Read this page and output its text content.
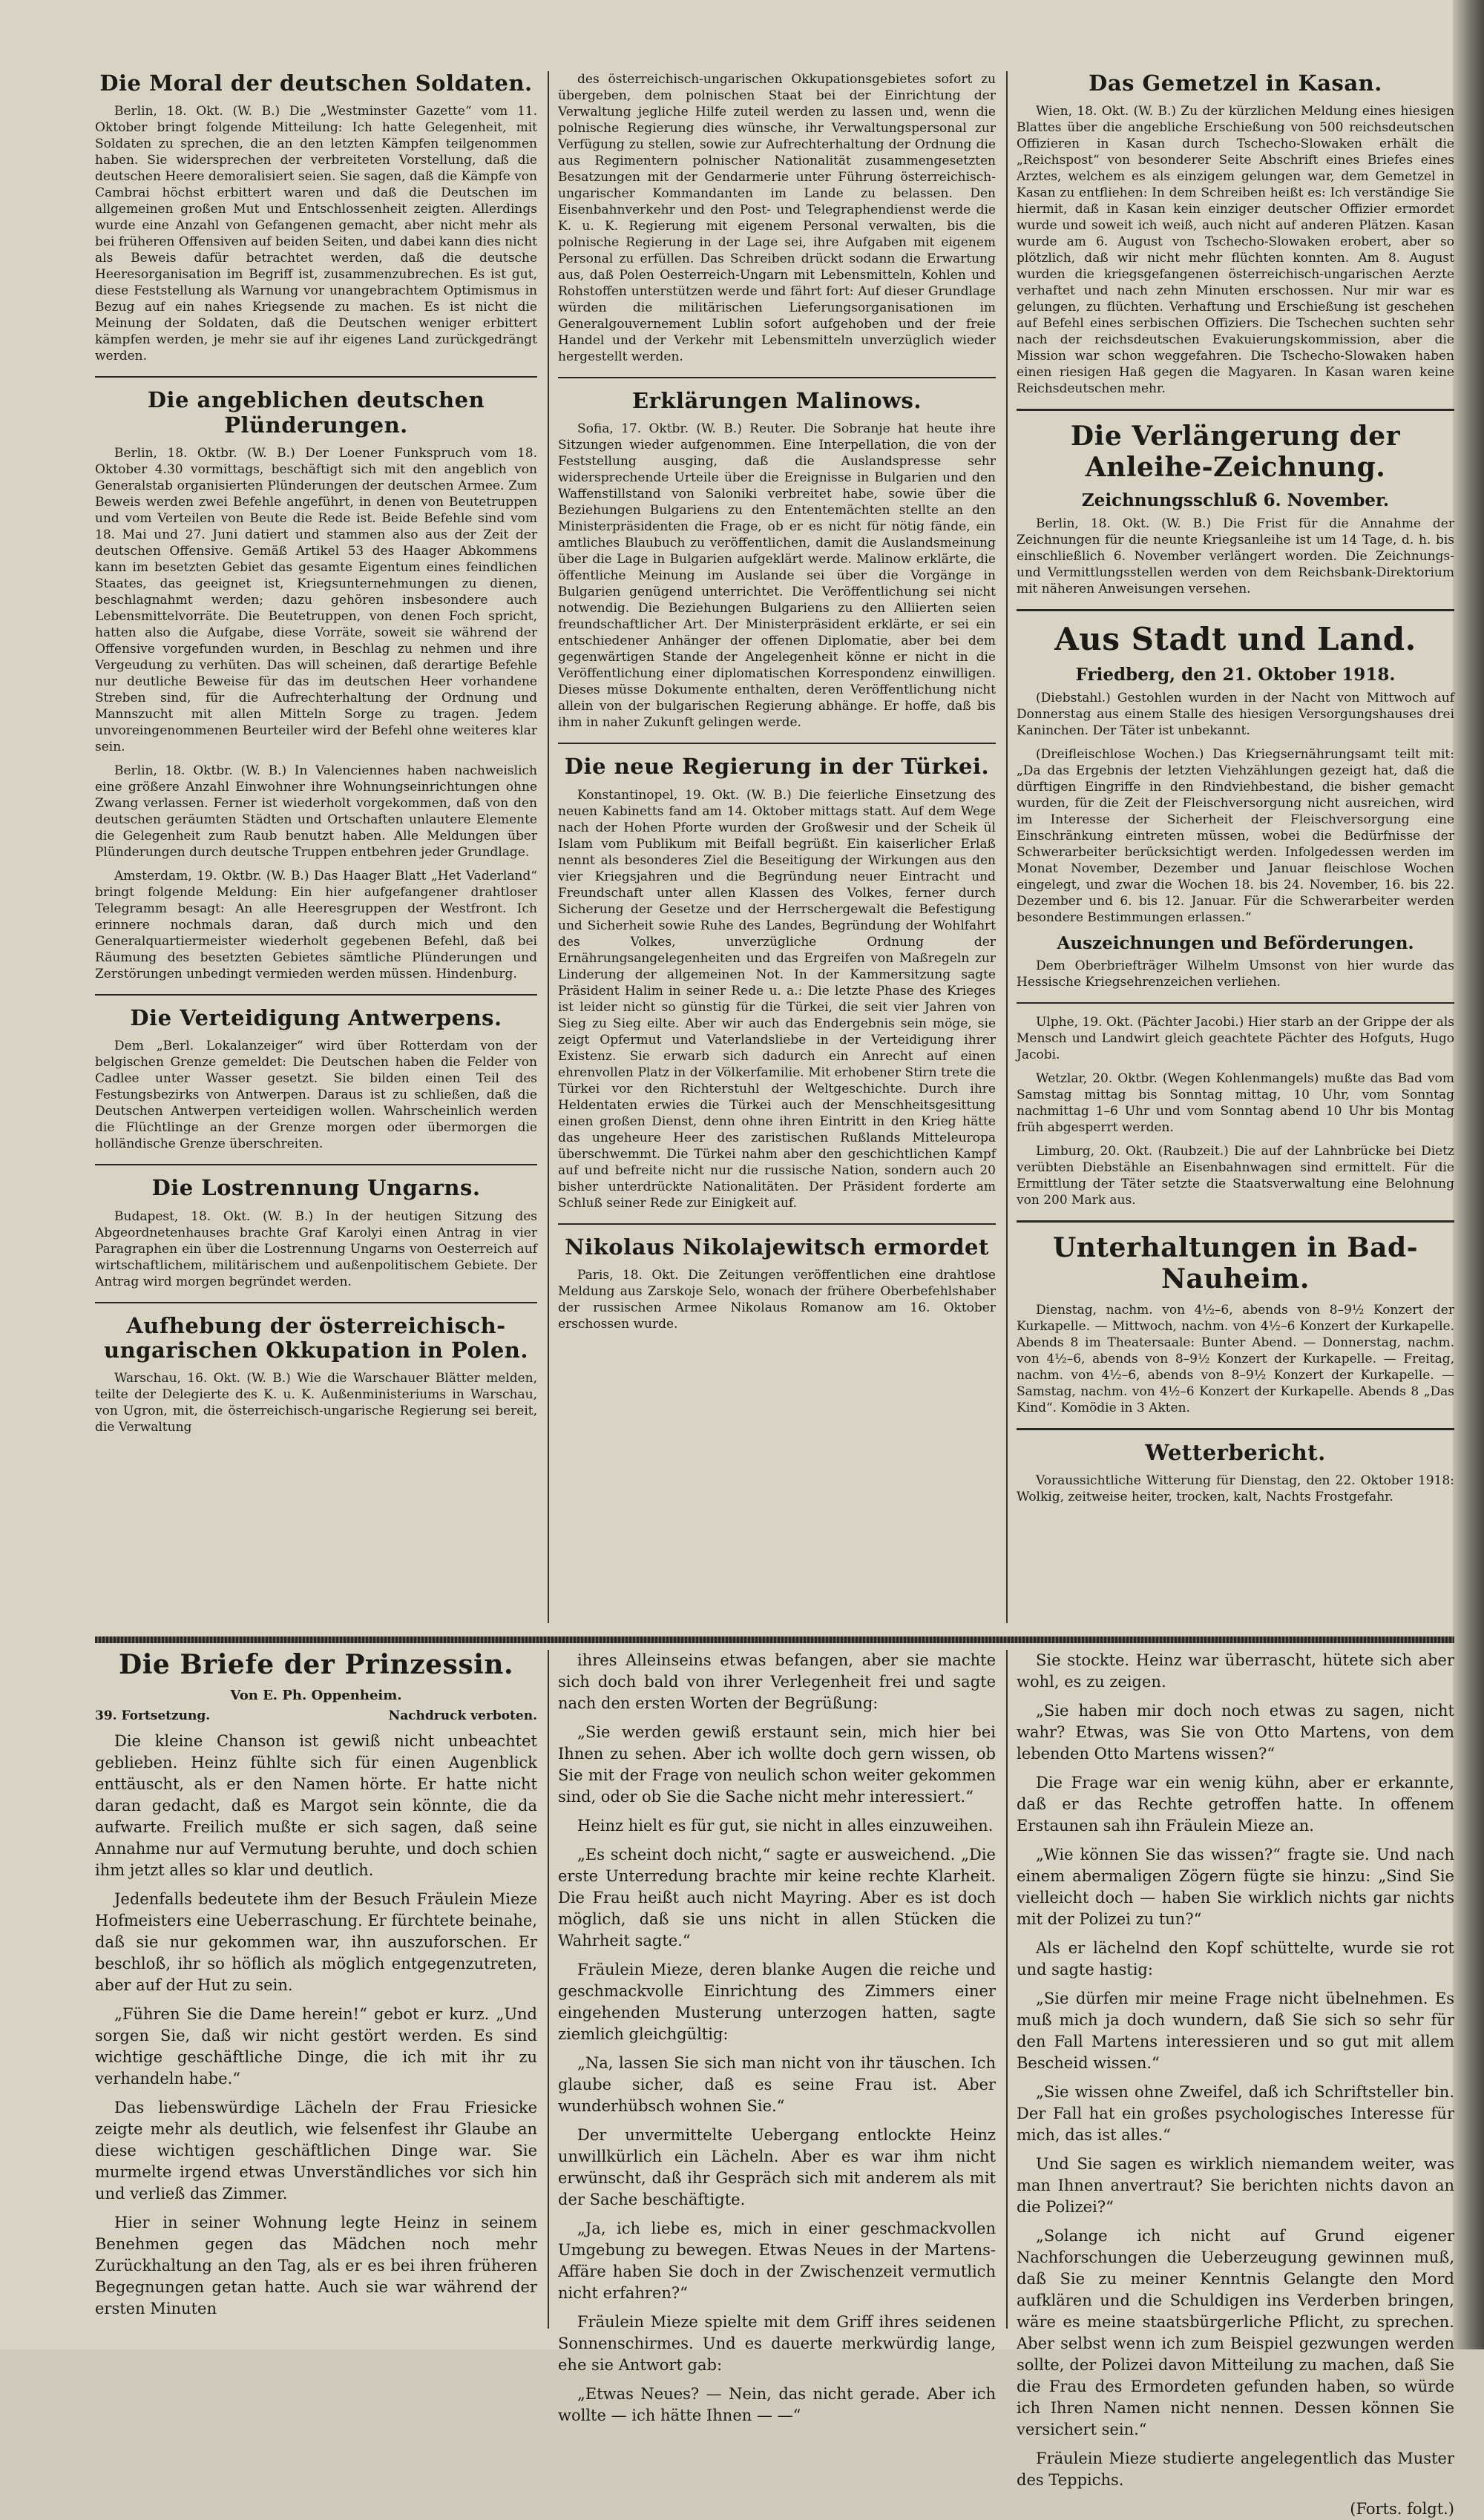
Die Moral der deutschen Soldaten.

Berlin, 18. Okt. (W. B.) Die „Westminster Gazette“ vom 11. Oktober bringt folgende Mitteilung: Ich hatte Gelegenheit, mit Soldaten zu sprechen, die an den letzten Kämpfen teilgenommen haben. Sie widersprechen der verbreiteten Vorstellung, daß die deutschen Heere demoralisiert seien. Sie sagen, daß die Kämpfe von Cambrai höchst erbittert waren und daß die Deutschen im allgemeinen großen Mut und Entschlossenheit zeigten. Allerdings wurde eine Anzahl von Gefangenen gemacht, aber nicht mehr als bei früheren Offensiven auf beiden Seiten, und dabei kann dies nicht als Beweis dafür betrachtet werden, daß die deutsche Heeresorganisation im Begriff ist, zusammenzubrechen. Es ist gut, diese Feststellung als Warnung vor unangebrachtem Optimismus in Bezug auf ein nahes Kriegsende zu machen. Es ist nicht die Meinung der Soldaten, daß die Deutschen weniger erbittert kämpfen werden, je mehr sie auf ihr eigenes Land zurückgedrängt werden.

Die angeblichen deutschen Plünderungen.

Berlin, 18. Oktbr. (W. B.) Der Loener Funkspruch vom 18. Oktober 4.30 vormittags, beschäftigt sich mit den angeblich von Generalstab organisierten Plünderungen der deutschen Armee. Zum Beweis werden zwei Befehle angeführt, in denen von Beutetruppen und vom Verteilen von Beute die Rede ist. Beide Befehle sind vom 18. Mai und 27. Juni datiert und stammen also aus der Zeit der deutschen Offensive. Gemäß Artikel 53 des Haager Abkommens kann im besetzten Gebiet das gesamte Eigentum eines feindlichen Staates, das geeignet ist, Kriegsunternehmungen zu dienen, beschlagnahmt werden; dazu gehören insbesondere auch Lebensmittelvorräte. Die Beutetruppen, von denen Foch spricht, hatten also die Aufgabe, diese Vorräte, soweit sie während der Offensive vorgefunden wurden, in Beschlag zu nehmen und ihre Vergeudung zu verhüten. Das will scheinen, daß derartige Befehle nur deutliche Beweise für das im deutschen Heer vorhandene Streben sind, für die Aufrechterhaltung der Ordnung und Mannszucht mit allen Mitteln Sorge zu tragen. Jedem unvoreingenommenen Beurteiler wird der Befehl ohne weiteres klar sein.

Berlin, 18. Oktbr. (W. B.) In Valenciennes haben nachweislich eine größere Anzahl Einwohner ihre Wohnungseinrichtungen ohne Zwang verlassen. Ferner ist wiederholt vorgekommen, daß von den deutschen geräumten Städten und Ortschaften unlautere Elemente die Gelegenheit zum Raub benutzt haben. Alle Meldungen über Plünderungen durch deutsche Truppen entbehren jeder Grundlage.

Amsterdam, 19. Oktbr. (W. B.) Das Haager Blatt „Het Vaderland“ bringt folgende Meldung: Ein hier aufgefangener drahtloser Telegramm besagt: An alle Heeresgruppen der Westfront. Ich erinnere nochmals daran, daß durch mich und den Generalquartiermeister wiederholt gegebenen Befehl, daß bei Räumung des besetzten Gebietes sämtliche Plünderungen und Zerstörungen unbedingt vermieden werden müssen. Hindenburg.

Die Verteidigung Antwerpens.

Dem „Berl. Lokalanzeiger“ wird über Rotterdam von der belgischen Grenze gemeldet: Die Deutschen haben die Felder von Cadlee unter Wasser gesetzt. Sie bilden einen Teil des Festungsbezirks von Antwerpen. Daraus ist zu schließen, daß die Deutschen Antwerpen verteidigen wollen. Wahrscheinlich werden die Flüchtlinge an der Grenze morgen oder übermorgen die holländische Grenze überschreiten.

Die Lostrennung Ungarns.

Budapest, 18. Okt. (W. B.) In der heutigen Sitzung des Abgeordnetenhauses brachte Graf Karolyi einen Antrag in vier Paragraphen ein über die Lostrennung Ungarns von Oesterreich auf wirtschaftlichem, militärischem und außenpolitischem Gebiete. Der Antrag wird morgen begründet werden.

Aufhebung der österreichisch-ungarischen Okkupation in Polen.

Warschau, 16. Okt. (W. B.) Wie die Warschauer Blätter melden, teilte der Delegierte des K. u. K. Außenministeriums in Warschau, von Ugron, mit, die österreichisch-ungarische Regierung sei bereit, die Verwaltung

des österreichisch-ungarischen Okkupationsgebietes sofort zu übergeben, dem polnischen Staat bei der Einrichtung der Verwaltung jegliche Hilfe zuteil werden zu lassen und, wenn die polnische Regierung dies wünsche, ihr Verwaltungspersonal zur Verfügung zu stellen, sowie zur Aufrechterhaltung der Ordnung die aus Regimentern polnischer Nationalität zusammengesetzten Besatzungen mit der Gendarmerie unter Führung österreichisch-ungarischer Kommandanten im Lande zu belassen. Den Eisenbahnverkehr und den Post- und Telegraphendienst werde die K. u. K. Regierung mit eigenem Personal verwalten, bis die polnische Regierung in der Lage sei, ihre Aufgaben mit eigenem Personal zu erfüllen. Das Schreiben drückt sodann die Erwartung aus, daß Polen Oesterreich-Ungarn mit Lebensmitteln, Kohlen und Rohstoffen unterstützen werde und fährt fort: Auf dieser Grundlage würden die militärischen Lieferungsorganisationen im Generalgouvernement Lublin sofort aufgehoben und der freie Handel und der Verkehr mit Lebensmitteln unverzüglich wieder hergestellt werden.

Erklärungen Malinows.

Sofia, 17. Oktbr. (W. B.) Reuter. Die Sobranje hat heute ihre Sitzungen wieder aufgenommen. Eine Interpellation, die von der Feststellung ausging, daß die Auslandspresse sehr widersprechende Urteile über die Ereignisse in Bulgarien und den Waffenstillstand von Saloniki verbreitet habe, sowie über die Beziehungen Bulgariens zu den Ententemächten stellte an den Ministerpräsidenten die Frage, ob er es nicht für nötig fände, ein amtliches Blaubuch zu veröffentlichen, damit die Auslandsmeinung über die Lage in Bulgarien aufgeklärt werde. Malinow erklärte, die öffentliche Meinung im Auslande sei über die Vorgänge in Bulgarien genügend unterrichtet. Die Veröffentlichung sei nicht notwendig. Die Beziehungen Bulgariens zu den Alliierten seien freundschaftlicher Art. Der Ministerpräsident erklärte, er sei ein entschiedener Anhänger der offenen Diplomatie, aber bei dem gegenwärtigen Stande der Angelegenheit könne er nicht in die Veröffentlichung einer diplomatischen Korrespondenz einwilligen. Dieses müsse Dokumente enthalten, deren Veröffentlichung nicht allein von der bulgarischen Regierung abhänge. Er hoffe, daß bis ihm in naher Zukunft gelingen werde.

Die neue Regierung in der Türkei.

Konstantinopel, 19. Okt. (W. B.) Die feierliche Einsetzung des neuen Kabinetts fand am 14. Oktober mittags statt. Auf dem Wege nach der Hohen Pforte wurden der Großwesir und der Scheik ül Islam vom Publikum mit Beifall begrüßt. Ein kaiserlicher Erlaß nennt als besonderes Ziel die Beseitigung der Wirkungen aus den vier Kriegsjahren und die Begründung neuer Eintracht und Freundschaft unter allen Klassen des Volkes, ferner durch Sicherung der Gesetze und der Herrschergewalt die Befestigung und Sicherheit sowie Ruhe des Landes, Begründung der Wohlfahrt des Volkes, unverzügliche Ordnung der Ernährungsangelegenheiten und das Ergreifen von Maßregeln zur Linderung der allgemeinen Not. In der Kammersitzung sagte Präsident Halim in seiner Rede u. a.: Die letzte Phase des Krieges ist leider nicht so günstig für die Türkei, die seit vier Jahren von Sieg zu Sieg eilte. Aber wir auch das Endergebnis sein möge, sie zeigt Opfermut und Vaterlandsliebe in der Verteidigung ihrer Existenz. Sie erwarb sich dadurch ein Anrecht auf einen ehrenvollen Platz in der Völkerfamilie. Mit erhobener Stirn trete die Türkei vor den Richterstuhl der Weltgeschichte. Durch ihre Heldentaten erwies die Türkei auch der Menschheitsgesittung einen großen Dienst, denn ohne ihren Eintritt in den Krieg hätte das ungeheure Heer des zaristischen Rußlands Mitteleuropa überschwemmt. Die Türkei nahm aber den geschichtlichen Kampf auf und befreite nicht nur die russische Nation, sondern auch 20 bisher unterdrückte Nationalitäten. Der Präsident forderte am Schluß seiner Rede zur Einigkeit auf.

Nikolaus Nikolajewitsch ermordet

Paris, 18. Okt. Die Zeitungen veröffentlichen eine drahtlose Meldung aus Zarskoje Selo, wonach der frühere Oberbefehlshaber der russischen Armee Nikolaus Romanow am 16. Oktober erschossen wurde.

Das Gemetzel in Kasan.

Wien, 18. Okt. (W. B.) Zu der kürzlichen Meldung eines hiesigen Blattes über die angebliche Erschießung von 500 reichsdeutschen Offizieren in Kasan durch Tschecho-Slowaken erhält die „Reichspost“ von besonderer Seite Abschrift eines Briefes eines Arztes, welchem es als einzigem gelungen war, dem Gemetzel in Kasan zu entfliehen: In dem Schreiben heißt es: Ich verständige Sie hiermit, daß in Kasan kein einziger deutscher Offizier ermordet wurde und soweit ich weiß, auch nicht auf anderen Plätzen. Kasan wurde am 6. August von Tschecho-Slowaken erobert, aber so plötzlich, daß wir nicht mehr flüchten konnten. Am 8. August wurden die kriegsgefangenen österreichisch-ungarischen Aerzte verhaftet und nach zehn Minuten erschossen. Nur mir war es gelungen, zu flüchten. Verhaftung und Erschießung ist geschehen auf Befehl eines serbischen Offiziers. Die Tschechen suchten sehr nach der reichsdeutschen Evakuierungskommission, aber die Mission war schon weggefahren. Die Tschecho-Slowaken haben einen riesigen Haß gegen die Magyaren. In Kasan waren keine Reichsdeutschen mehr.

Die Verlängerung der Anleihe-Zeichnung.
Zeichnungsschluß 6. November.

Berlin, 18. Okt. (W. B.) Die Frist für die Annahme der Zeichnungen für die neunte Kriegsanleihe ist um 14 Tage, d. h. bis einschließlich 6. November verlängert worden. Die Zeichnungs- und Vermittlungsstellen werden von dem Reichsbank-Direktorium mit näheren Anweisungen versehen.

Aus Stadt und Land.
Friedberg, den 21. Oktober 1918.

(Diebstahl.) Gestohlen wurden in der Nacht von Mittwoch auf Donnerstag aus einem Stalle des hiesigen Versorgungshauses drei Kaninchen. Der Täter ist unbekannt.

(Dreifleischlose Wochen.) Das Kriegsernährungsamt teilt mit: „Da das Ergebnis der letzten Viehzählungen gezeigt hat, daß die dürftigen Eingriffe in den Rindviehbestand, die bisher gemacht wurden, für die Zeit der Fleischversorgung nicht ausreichen, wird im Interesse der Sicherheit der Fleischversorgung eine Einschränkung eintreten müssen, wobei die Bedürfnisse der Schwerarbeiter berücksichtigt werden. Infolgedessen werden im Monat November, Dezember und Januar fleischlose Wochen eingelegt, und zwar die Wochen 18. bis 24. November, 16. bis 22. Dezember und 6. bis 12. Januar. Für die Schwerarbeiter werden besondere Bestimmungen erlassen.“

Auszeichnungen und Beförderungen.

Dem Oberbriefträger Wilhelm Umsonst von hier wurde das Hessische Kriegsehrenzeichen verliehen.

Ulphe, 19. Okt. (Pächter Jacobi.) Hier starb an der Grippe der als Mensch und Landwirt gleich geachtete Pächter des Hofguts, Hugo Jacobi.

Wetzlar, 20. Oktbr. (Wegen Kohlenmangels) mußte das Bad vom Samstag mittag bis Sonntag mittag, 10 Uhr, vom Sonntag nachmittag 1–6 Uhr und vom Sonntag abend 10 Uhr bis Montag früh abgesperrt werden.

Limburg, 20. Okt. (Raubzeit.) Die auf der Lahnbrücke bei Dietz verübten Diebstähle an Eisenbahnwagen sind ermittelt. Für die Ermittlung der Täter setzte die Staatsverwaltung eine Belohnung von 200 Mark aus.

Unterhaltungen in Bad-Nauheim.

Dienstag, nachm. von 4½–6, abends von 8–9½ Konzert der Kurkapelle. — Mittwoch, nachm. von 4½–6 Konzert der Kurkapelle. Abends 8 im Theatersaale: Bunter Abend. — Donnerstag, nachm. von 4½–6, abends von 8–9½ Konzert der Kurkapelle. — Freitag, nachm. von 4½–6, abends von 8–9½ Konzert der Kurkapelle. — Samstag, nachm. von 4½–6 Konzert der Kurkapelle. Abends 8 „Das Kind“. Komödie in 3 Akten.

Wetterbericht.

Voraussichtliche Witterung für Dienstag, den 22. Oktober 1918: Wolkig, zeitweise heiter, trocken, kalt, Nachts Frostgefahr.

Die Briefe der Prinzessin.
Von E. Ph. Oppenheim.
39. Fortsetzung.	Nachdruck verboten.

Die kleine Chanson ist gewiß nicht unbeachtet geblieben. Heinz fühlte sich für einen Augenblick enttäuscht, als er den Namen hörte. Er hatte nicht daran gedacht, daß es Margot sein könnte, die da aufwarte. Freilich mußte er sich sagen, daß seine Annahme nur auf Vermutung beruhte, und doch schien ihm jetzt alles so klar und deutlich.

Jedenfalls bedeutete ihm der Besuch Fräulein Mieze Hofmeisters eine Ueberraschung. Er fürchtete beinahe, daß sie nur gekommen war, ihn auszuforschen. Er beschloß, ihr so höflich als möglich entgegenzutreten, aber auf der Hut zu sein.

„Führen Sie die Dame herein!“ gebot er kurz. „Und sorgen Sie, daß wir nicht gestört werden. Es sind wichtige geschäftliche Dinge, die ich mit ihr zu verhandeln habe.“

Das liebenswürdige Lächeln der Frau Friesicke zeigte mehr als deutlich, wie felsenfest ihr Glaube an diese wichtigen geschäftlichen Dinge war. Sie murmelte irgend etwas Unverständliches vor sich hin und verließ das Zimmer.

Hier in seiner Wohnung legte Heinz in seinem Benehmen gegen das Mädchen noch mehr Zurückhaltung an den Tag, als er es bei ihren früheren Begegnungen getan hatte. Auch sie war während der ersten Minuten

ihres Alleinseins etwas befangen, aber sie machte sich doch bald von ihrer Verlegenheit frei und sagte nach den ersten Worten der Begrüßung:

„Sie werden gewiß erstaunt sein, mich hier bei Ihnen zu sehen. Aber ich wollte doch gern wissen, ob Sie mit der Frage von neulich schon weiter gekommen sind, oder ob Sie die Sache nicht mehr interessiert.“

Heinz hielt es für gut, sie nicht in alles einzuweihen.

„Es scheint doch nicht,“ sagte er ausweichend. „Die erste Unterredung brachte mir keine rechte Klarheit. Die Frau heißt auch nicht Mayring. Aber es ist doch möglich, daß sie uns nicht in allen Stücken die Wahrheit sagte.“

Fräulein Mieze, deren blanke Augen die reiche und geschmackvolle Einrichtung des Zimmers einer eingehenden Musterung unterzogen hatten, sagte ziemlich gleichgültig:

„Na, lassen Sie sich man nicht von ihr täuschen. Ich glaube sicher, daß es seine Frau ist. Aber wunderhübsch wohnen Sie.“

Der unvermittelte Uebergang entlockte Heinz unwillkürlich ein Lächeln. Aber es war ihm nicht erwünscht, daß ihr Gespräch sich mit anderem als mit der Sache beschäftigte.

„Ja, ich liebe es, mich in einer geschmackvollen Umgebung zu bewegen. Etwas Neues in der Martens-Affäre haben Sie doch in der Zwischenzeit vermutlich nicht erfahren?“

Fräulein Mieze spielte mit dem Griff ihres seidenen Sonnenschirmes. Und es dauerte merkwürdig lange, ehe sie Antwort gab:

„Etwas Neues? — Nein, das nicht gerade. Aber ich wollte — ich hätte Ihnen — —“

Sie stockte. Heinz war überrascht, hütete sich aber wohl, es zu zeigen.

„Sie haben mir doch noch etwas zu sagen, nicht wahr? Etwas, was Sie von Otto Martens, von dem lebenden Otto Martens wissen?“

Die Frage war ein wenig kühn, aber er erkannte, daß er das Rechte getroffen hatte. In offenem Erstaunen sah ihn Fräulein Mieze an.

„Wie können Sie das wissen?“ fragte sie. Und nach einem abermaligen Zögern fügte sie hinzu: „Sind Sie vielleicht doch — haben Sie wirklich nichts gar nichts mit der Polizei zu tun?“

Als er lächelnd den Kopf schüttelte, wurde sie rot und sagte hastig:

„Sie dürfen mir meine Frage nicht übelnehmen. Es muß mich ja doch wundern, daß Sie sich so sehr für den Fall Martens interessieren und so gut mit allem Bescheid wissen.“

„Sie wissen ohne Zweifel, daß ich Schriftsteller bin. Der Fall hat ein großes psychologisches Interesse für mich, das ist alles.“

Und Sie sagen es wirklich niemandem weiter, was man Ihnen anvertraut? Sie berichten nichts davon an die Polizei?“

„Solange ich nicht auf Grund eigener Nachforschungen die Ueberzeugung gewinnen muß, daß Sie zu meiner Kenntnis Gelangte den Mord aufklären und die Schuldigen ins Verderben bringen, wäre es meine staatsbürgerliche Pflicht, zu sprechen. Aber selbst wenn ich zum Beispiel gezwungen werden sollte, der Polizei davon Mitteilung zu machen, daß Sie die Frau des Ermordeten gefunden haben, so würde ich Ihren Namen nicht nennen. Dessen können Sie versichert sein.“

Fräulein Mieze studierte angelegentlich das Muster des Teppichs.

(Forts. folgt.)
